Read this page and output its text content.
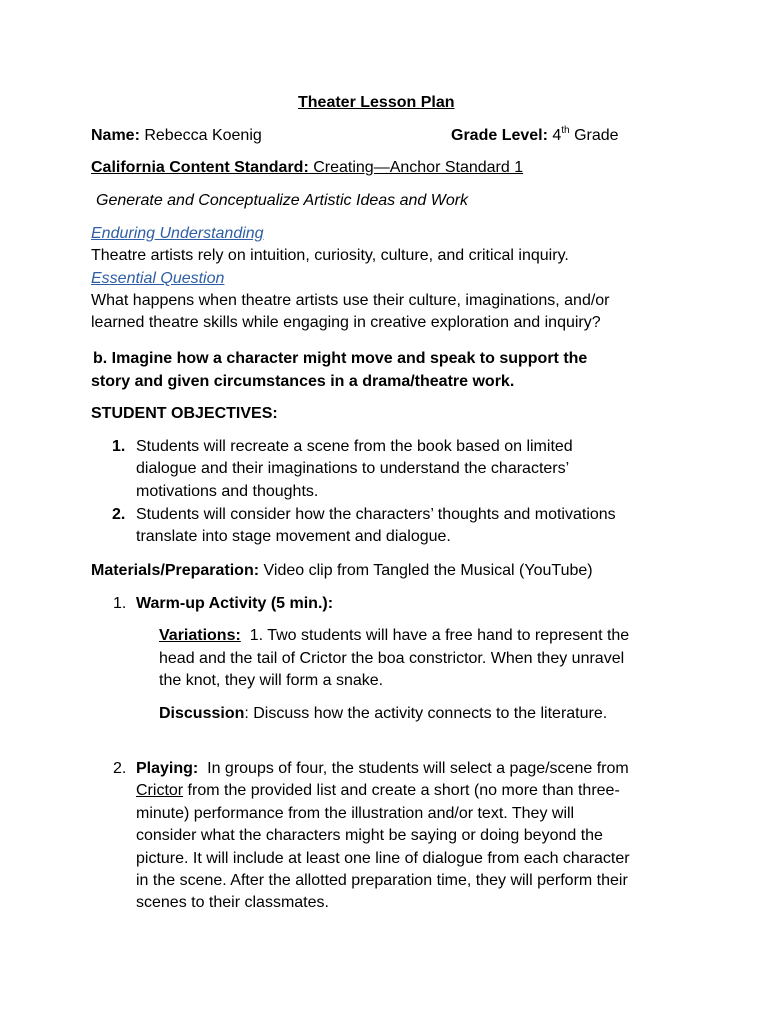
Theater Lesson Plan
Name: Rebecca Koenig	Grade Level: 4th Grade
California Content Standard: Creating—Anchor Standard 1
Generate and Conceptualize Artistic Ideas and Work
Enduring Understanding
Theatre artists rely on intuition, curiosity, culture, and critical inquiry.
Essential Question
What happens when theatre artists use their culture, imaginations, and/or
learned theatre skills while engaging in creative exploration and inquiry?
b. Imagine how a character might move and speak to support the
story and given circumstances in a drama/theatre work.
STUDENT OBJECTIVES:
1. Students will recreate a scene from the book based on limited
dialogue and their imaginations to understand the characters’
motivations and thoughts.
2. Students will consider how the characters’ thoughts and motivations
translate into stage movement and dialogue.
Materials/Preparation: Video clip from Tangled the Musical (YouTube)
1. Warm-up Activity (5 min.):
Variations:  1. Two students will have a free hand to represent the
head and the tail of Crictor the boa constrictor. When they unravel
the knot, they will form a snake.
Discussion: Discuss how the activity connects to the literature.
2. Playing:  In groups of four, the students will select a page/scene from
Crictor from the provided list and create a short (no more than three-
minute) performance from the illustration and/or text. They will
consider what the characters might be saying or doing beyond the
picture. It will include at least one line of dialogue from each character
in the scene. After the allotted preparation time, they will perform their
scenes to their classmates.
